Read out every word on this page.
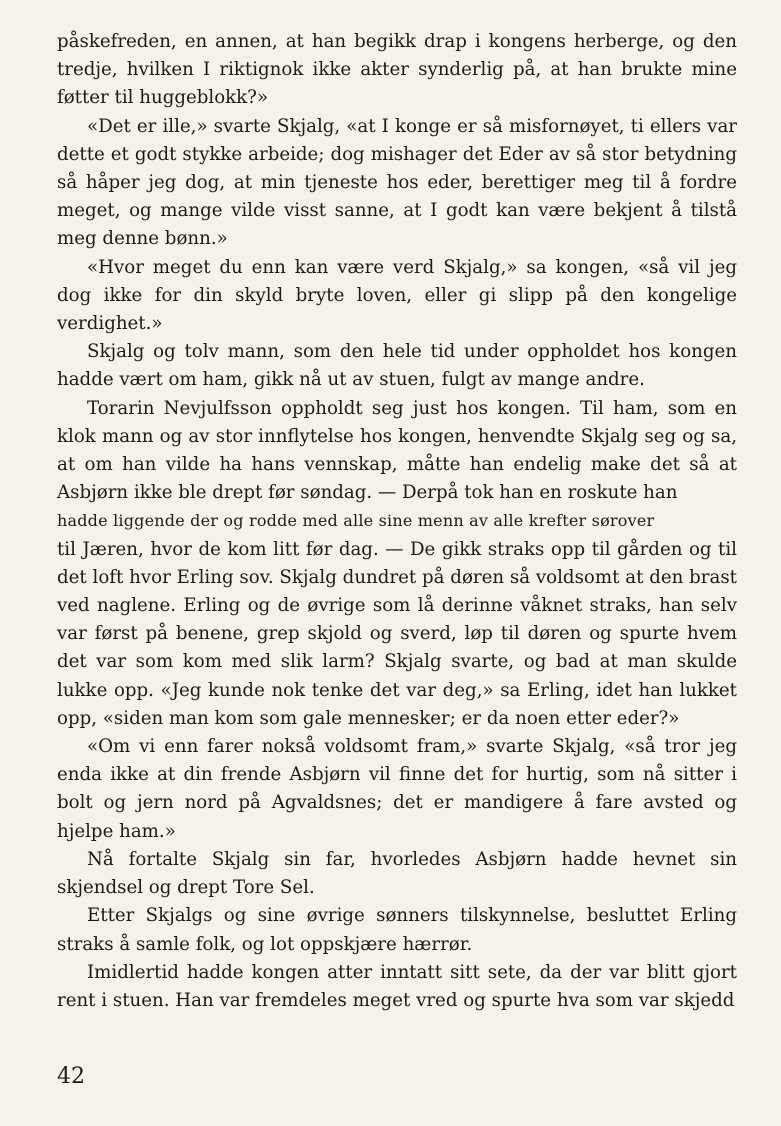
påskefreden, en annen, at han begikk drap i kongens herberge, og den tredje, hvilken I riktignok ikke akter synderlig på, at han brukte mine føtter til huggeblokk?»

«Det er ille,» svarte Skjalg, «at I konge er så misfornøyet, ti ellers var dette et godt stykke arbeide; dog mishager det Eder av så stor betydning så håper jeg dog, at min tjeneste hos eder, berettiger meg til å fordre meget, og mange vilde visst sanne, at I godt kan være bekjent å tilstå meg denne bønn.»

«Hvor meget du enn kan være verd Skjalg,» sa kongen, «så vil jeg dog ikke for din skyld bryte loven, eller gi slipp på den kongelige verdighet.»

Skjalg og tolv mann, som den hele tid under oppholdet hos kongen hadde vært om ham, gikk nå ut av stuen, fulgt av mange andre.

Torarin Nevjulfsson oppholdt seg just hos kongen. Til ham, som en klok mann og av stor innflytelse hos kongen, henvendte Skjalg seg og sa, at om han vilde ha hans vennskap, måtte han endelig make det så at Asbjørn ikke ble drept før søndag. — Derpå tok han en roskute han

hadde liggende der og rodde med alle sine menn av alle krefter sørover

til Jæren, hvor de kom litt før dag. — De gikk straks opp til gården og til det loft hvor Erling sov. Skjalg dundret på døren så voldsomt at den brast ved naglene. Erling og de øvrige som lå derinne våknet straks, han selv var først på benene, grep skjold og sverd, løp til døren og spurte hvem det var som kom med slik larm? Skjalg svarte, og bad at man skulde lukke opp. «Jeg kunde nok tenke det var deg,» sa Erling, idet han lukket opp, «siden man kom som gale mennesker; er da noen etter eder?»

«Om vi enn farer nokså voldsomt fram,» svarte Skjalg, «så tror jeg enda ikke at din frende Asbjørn vil finne det for hurtig, som nå sitter i bolt og jern nord på Agvaldsnes; det er mandigere å fare avsted og hjelpe ham.»

Nå fortalte Skjalg sin far, hvorledes Asbjørn hadde hevnet sin skjendsel og drept Tore Sel.

Etter Skjalgs og sine øvrige sønners tilskynnelse, besluttet Erling straks å samle folk, og lot oppskjære hærrør.

Imidlertid hadde kongen atter inntatt sitt sete, da der var blitt gjort rent i stuen. Han var fremdeles meget vred og spurte hva som var skjedd

42
